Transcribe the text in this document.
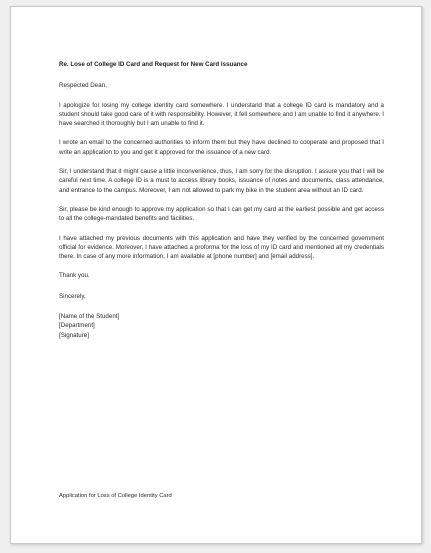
Re. Lose of College ID Card and Request for New Card Issuance

Respected Dean,

I apologize for losing my college identity card somewhere. I understand that a college ID card is mandatory and a student should take good care of it with responsibility. However, it fell somewhere and I am unable to find it anywhere. I have searched it thoroughly but I am unable to find it.

I wrote an email to the concerned authorities to inform them but they have declined to cooperate and proposed that I write an application to you and get it approved for the issuance of a new card.

Sir, I understand that it might cause a little inconvenience, thus, I am sorry for the disruption. I assure you that I will be careful next time. A college ID is a must to access library books, issuance of notes and documents, class attendance, and entrance to the campus. Moreover, I am not allowed to park my bike in the student area without an ID card.

Sir, please be kind enough to approve my application so that I can get my card at the earliest possible and get access to all the college-mandated benefits and facilities.

I have attached my previous documents with this application and have they verified by the concerned government official for evidence. Moreover, I have attached a proforma for the loss of my ID card and mentioned all my credentials there. In case of any more information, I am available at [phone number] and [email address].

Thank you.

Sincerely,

[Name of the Student]

[Department]

[Signature]

Application for Loss of College Identity Card
